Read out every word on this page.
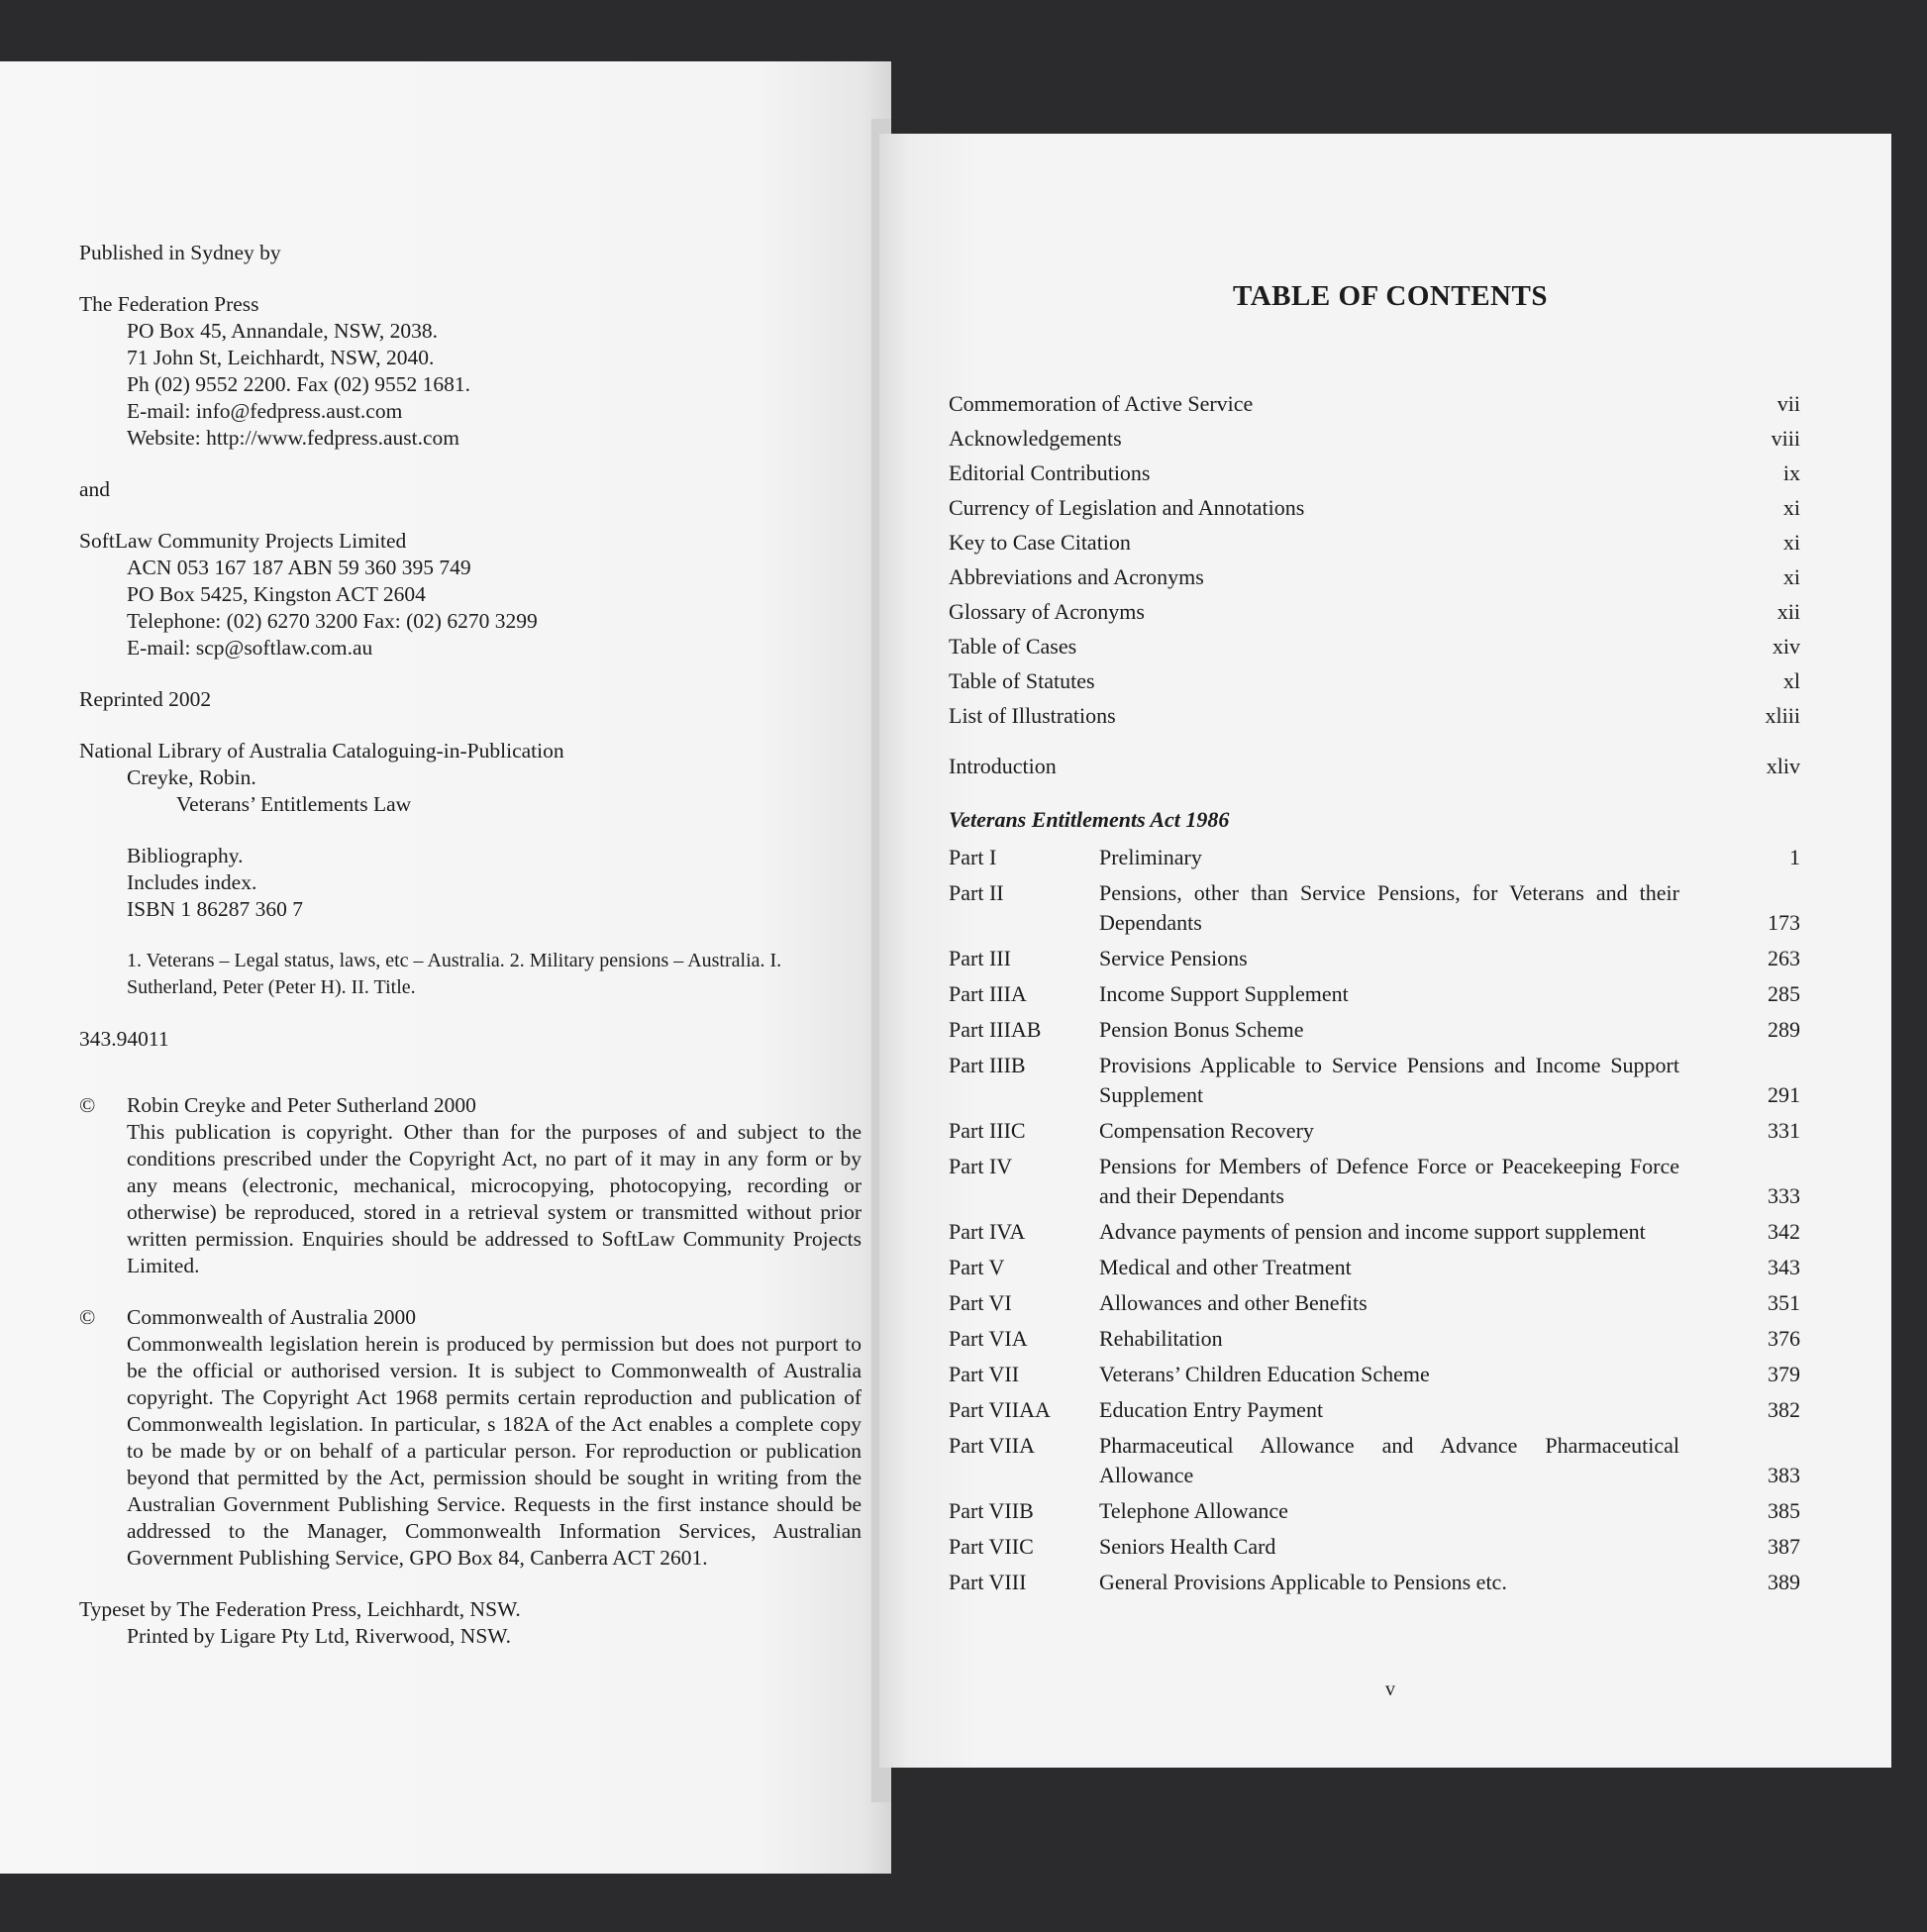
Published in Sydney by

The Federation Press

PO Box 45, Annandale, NSW, 2038.

71 John St, Leichhardt, NSW, 2040.

Ph (02) 9552 2200. Fax (02) 9552 1681.

E-mail: info@fedpress.aust.com

Website: http://www.fedpress.aust.com

and

SoftLaw Community Projects Limited

ACN 053 167 187 ABN 59 360 395 749

PO Box 5425, Kingston ACT 2604

Telephone: (02) 6270 3200 Fax: (02) 6270 3299

E-mail: scp@softlaw.com.au

Reprinted 2002

National Library of Australia Cataloguing-in-Publication

Creyke, Robin.

Veterans’ Entitlements Law

Bibliography.

Includes index.

ISBN 1 86287 360 7

1. Veterans – Legal status, laws, etc – Australia. 2. Military pensions – Australia. I. Sutherland, Peter (Peter H). II. Title.

343.94011

©	Robin Creyke and Peter Sutherland 2000

This publication is copyright. Other than for the purposes of and subject to the conditions prescribed under the Copyright Act, no part of it may in any form or by any means (electronic, mechanical, microcopying, photocopying, recording or otherwise) be reproduced, stored in a retrieval system or transmitted without prior written permission. Enquiries should be addressed to SoftLaw Community Projects Limited.

©	Commonwealth of Australia 2000

Commonwealth legislation herein is produced by permission but does not purport to be the official or authorised version. It is subject to Commonwealth of Australia copyright. The Copyright Act 1968 permits certain reproduction and publication of Commonwealth legislation. In particular, s 182A of the Act enables a complete copy to be made by or on behalf of a particular person. For reproduction or publication beyond that permitted by the Act, permission should be sought in writing from the Australian Government Publishing Service. Requests in the first instance should be addressed to the Manager, Commonwealth Information Services, Australian Government Publishing Service, GPO Box 84, Canberra ACT 2601.

Typeset by The Federation Press, Leichhardt, NSW.

Printed by Ligare Pty Ltd, Riverwood, NSW.

TABLE OF CONTENTS
Commemoration of Active Service	vii
Acknowledgements	viii
Editorial Contributions	ix
Currency of Legislation and Annotations	xi
Key to Case Citation	xi
Abbreviations and Acronyms	xi
Glossary of Acronyms	xii
Table of Cases	xiv
Table of Statutes	xl
List of Illustrations	xliii
Introduction	xliv
Veterans Entitlements Act 1986
Part I	Preliminary	1
Part II	Pensions, other than Service Pensions, for Veterans and their Dependants	173
Part III	Service Pensions	263
Part IIIA	Income Support Supplement	285
Part IIIAB	Pension Bonus Scheme	289
Part IIIB	Provisions Applicable to Service Pensions and Income Support Supplement	291
Part IIIC	Compensation Recovery	331
Part IV	Pensions for Members of Defence Force or Peacekeeping Force and their Dependants	333
Part IVA	Advance payments of pension and income support supplement	342
Part V	Medical and other Treatment	343
Part VI	Allowances and other Benefits	351
Part VIA	Rehabilitation	376
Part VII	Veterans’ Children Education Scheme	379
Part VIIAA	Education Entry Payment	382
Part VIIA	Pharmaceutical Allowance and Advance Pharmaceutical Allowance	383
Part VIIB	Telephone Allowance	385
Part VIIC	Seniors Health Card	387
Part VIII	General Provisions Applicable to Pensions etc.	389
v
